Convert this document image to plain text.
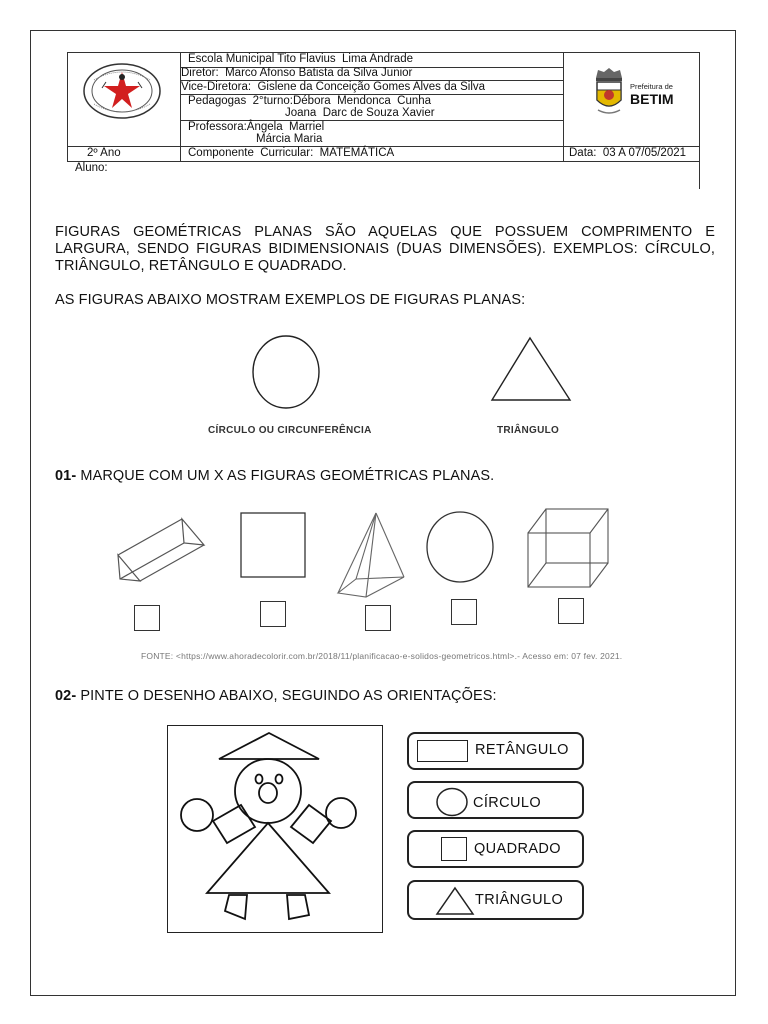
Escola Municipal Tito Flavius  Lima Andrade
Diretor:  Marco Afonso Batista da Silva Junior
Vice-Diretora:  Gislene da Conceição Gomes Alves da Silva
Pedagogas  2°turno:Débora  Mendonca  Cunha
Joana  Darc de Souza Xavier
Professora:Ângela  Marriel
Márcia Maria
2º Ano	Componente  Curricular:  MATEMÁTICA	Data:  03 A 07/05/2021
Aluno:
Prefeitura de
BETIM
FIGURAS GEOMÉTRICAS PLANAS SÃO AQUELAS QUE POSSUEM COMPRIMENTO E LARGURA, SENDO FIGURAS BIDIMENSIONAIS (DUAS DIMENSÕES). EXEMPLOS: CÍRCULO, TRIÂNGULO, RETÂNGULO E QUADRADO.
AS FIGURAS ABAIXO MOSTRAM EXEMPLOS DE FIGURAS PLANAS:
CÍRCULO OU CIRCUNFERÊNCIA	TRIÂNGULO
01- MARQUE COM UM X AS FIGURAS GEOMÉTRICAS PLANAS.
FONTE: <https://www.ahoradecolorir.com.br/2018/11/planificacao-e-solidos-geometricos.html>.- Acesso em: 07 fev. 2021.
02- PINTE O DESENHO ABAIXO, SEGUINDO AS ORIENTAÇÕES:
RETÂNGULO
CÍRCULO
QUADRADO
TRIÂNGULO
